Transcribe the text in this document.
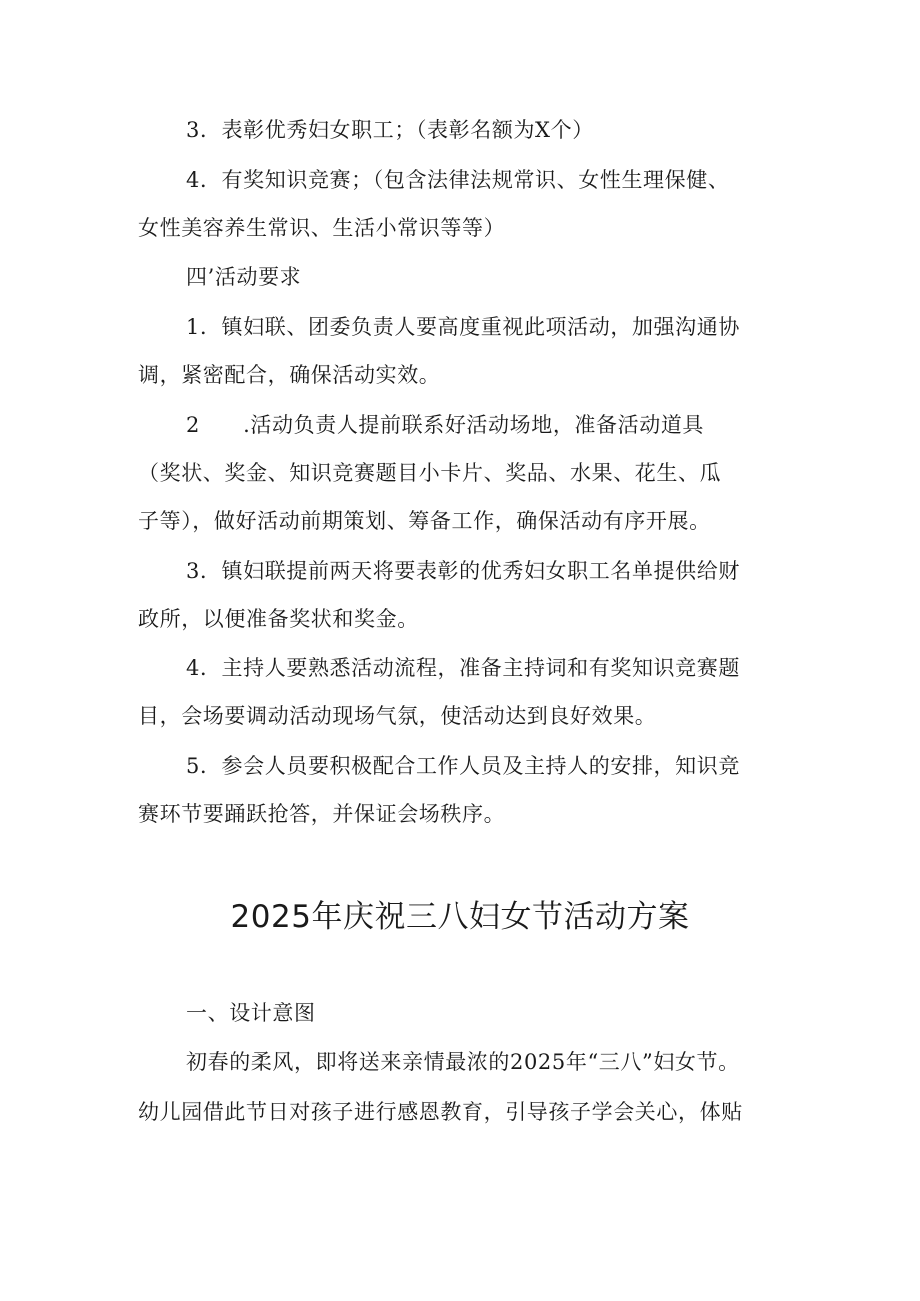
3．表彰优秀妇女职工；（表彰名额为X个）

4．有奖知识竞赛；（包含法律法规常识、女性生理保健、

女性美容养生常识、生活小常识等等）

四’活动要求

1．镇妇联、团委负责人要高度重视此项活动，加强沟通协

调，紧密配合，确保活动实效。

2　　.活动负责人提前联系好活动场地，准备活动道具

（奖状、奖金、知识竞赛题目小卡片、奖品、水果、花生、瓜

子等），做好活动前期策划、筹备工作，确保活动有序开展。

3．镇妇联提前两天将要表彰的优秀妇女职工名单提供给财

政所，以便准备奖状和奖金。

4．主持人要熟悉活动流程，准备主持词和有奖知识竞赛题

目，会场要调动活动现场气氛，使活动达到良好效果。

5．参会人员要积极配合工作人员及主持人的安排，知识竞

赛环节要踊跃抢答，并保证会场秩序。

2025年庆祝三八妇女节活动方案

一、设计意图

初春的柔风，即将送来亲情最浓的2025年“三八”妇女节。

幼儿园借此节日对孩子进行感恩教育，引导孩子学会关心，体贴
